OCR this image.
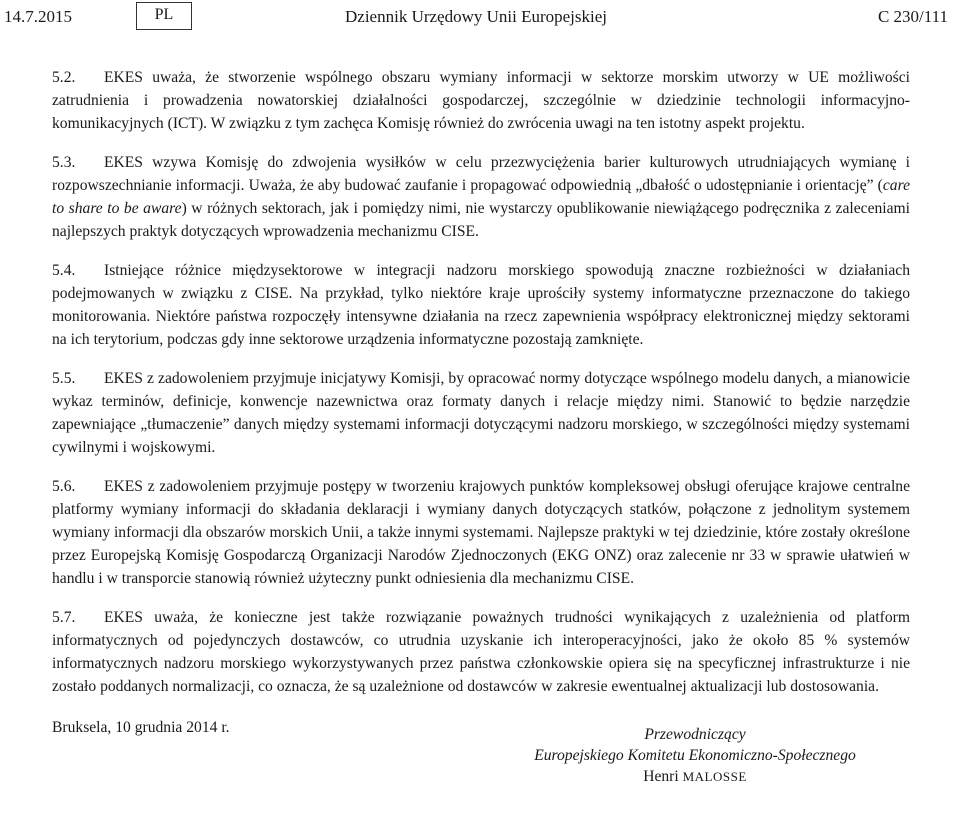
14.7.2015	PL	Dziennik Urzędowy Unii Europejskiej	C 230/111

5.2. EKES uważa, że stworzenie wspólnego obszaru wymiany informacji w sektorze morskim utworzy w UE możliwości zatrudnienia i prowadzenia nowatorskiej działalności gospodarczej, szczególnie w dziedzinie technologii informacyjno-komunikacyjnych (ICT). W związku z tym zachęca Komisję również do zwrócenia uwagi na ten istotny aspekt projektu.

5.3. EKES wzywa Komisję do zdwojenia wysiłków w celu przezwyciężenia barier kulturowych utrudniających wymianę i rozpowszechnianie informacji. Uważa, że aby budować zaufanie i propagować odpowiednią „dbałość o udostępnianie i orientację” (care to share to be aware) w różnych sektorach, jak i pomiędzy nimi, nie wystarczy opublikowanie niewiążącego podręcznika z zaleceniami najlepszych praktyk dotyczących wprowadzenia mechanizmu CISE.

5.4. Istniejące różnice międzysektorowe w integracji nadzoru morskiego spowodują znaczne rozbieżności w działaniach podejmowanych w związku z CISE. Na przykład, tylko niektóre kraje uprościły systemy informatyczne przeznaczone do takiego monitorowania. Niektóre państwa rozpoczęły intensywne działania na rzecz zapewnienia współpracy elektronicznej między sektorami na ich terytorium, podczas gdy inne sektorowe urządzenia informatyczne pozostają zamknięte.

5.5. EKES z zadowoleniem przyjmuje inicjatywy Komisji, by opracować normy dotyczące wspólnego modelu danych, a mianowicie wykaz terminów, definicje, konwencje nazewnictwa oraz formaty danych i relacje między nimi. Stanowić to będzie narzędzie zapewniające „tłumaczenie” danych między systemami informacji dotyczącymi nadzoru morskiego, w szczególności między systemami cywilnymi i wojskowymi.

5.6. EKES z zadowoleniem przyjmuje postępy w tworzeniu krajowych punktów kompleksowej obsługi oferujące krajowe centralne platformy wymiany informacji do składania deklaracji i wymiany danych dotyczących statków, połączone z jednolitym systemem wymiany informacji dla obszarów morskich Unii, a także innymi systemami. Najlepsze praktyki w tej dziedzinie, które zostały określone przez Europejską Komisję Gospodarczą Organizacji Narodów Zjednoczonych (EKG ONZ) oraz zalecenie nr 33 w sprawie ułatwień w handlu i w transporcie stanowią również użyteczny punkt odniesienia dla mechanizmu CISE.

5.7. EKES uważa, że konieczne jest także rozwiązanie poważnych trudności wynikających z uzależnienia od platform informatycznych od pojedynczych dostawców, co utrudnia uzyskanie ich interoperacyjności, jako że około 85 % systemów informatycznych nadzoru morskiego wykorzystywanych przez państwa członkowskie opiera się na specyficznej infrastrukturze i nie zostało poddanych normalizacji, co oznacza, że są uzależnione od dostawców w zakresie ewentualnej aktualizacji lub dostosowania.

Bruksela, 10 grudnia 2014 r.	Przewodniczący
Europejskiego Komitetu Ekonomiczno-Społecznego
Henri MALOSSE
